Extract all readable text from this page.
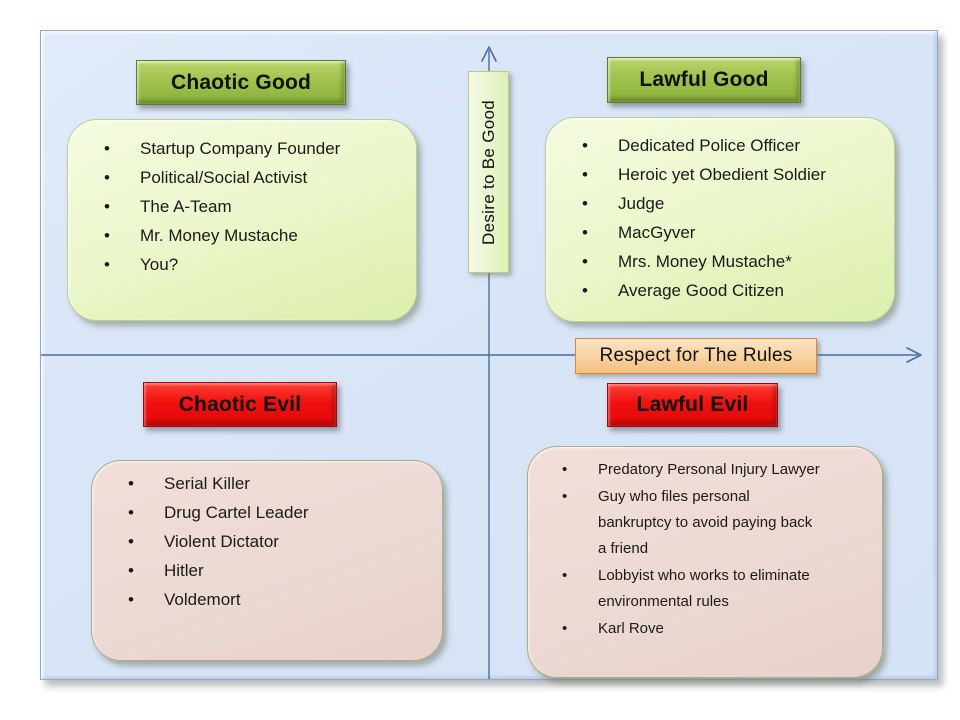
Chaotic Good	Lawful Good
Chaotic Evil	Lawful Evil
Desire to Be Good
Respect for The Rules
•	Startup Company Founder
•	Political/Social Activist
•	The A-Team
•	Mr. Money Mustache
•	You?
•	Dedicated Police Officer
•	Heroic yet Obedient Soldier
•	Judge
•	MacGyver
•	Mrs. Money Mustache*
•	Average Good Citizen
•	Serial Killer
•	Drug Cartel Leader
•	Violent Dictator
•	Hitler
•	Voldemort
•	Predatory Personal Injury Lawyer
•	Guy who files personal bankruptcy to avoid paying back a friend
•	Lobbyist who works to eliminate environmental rules
•	Karl Rove
